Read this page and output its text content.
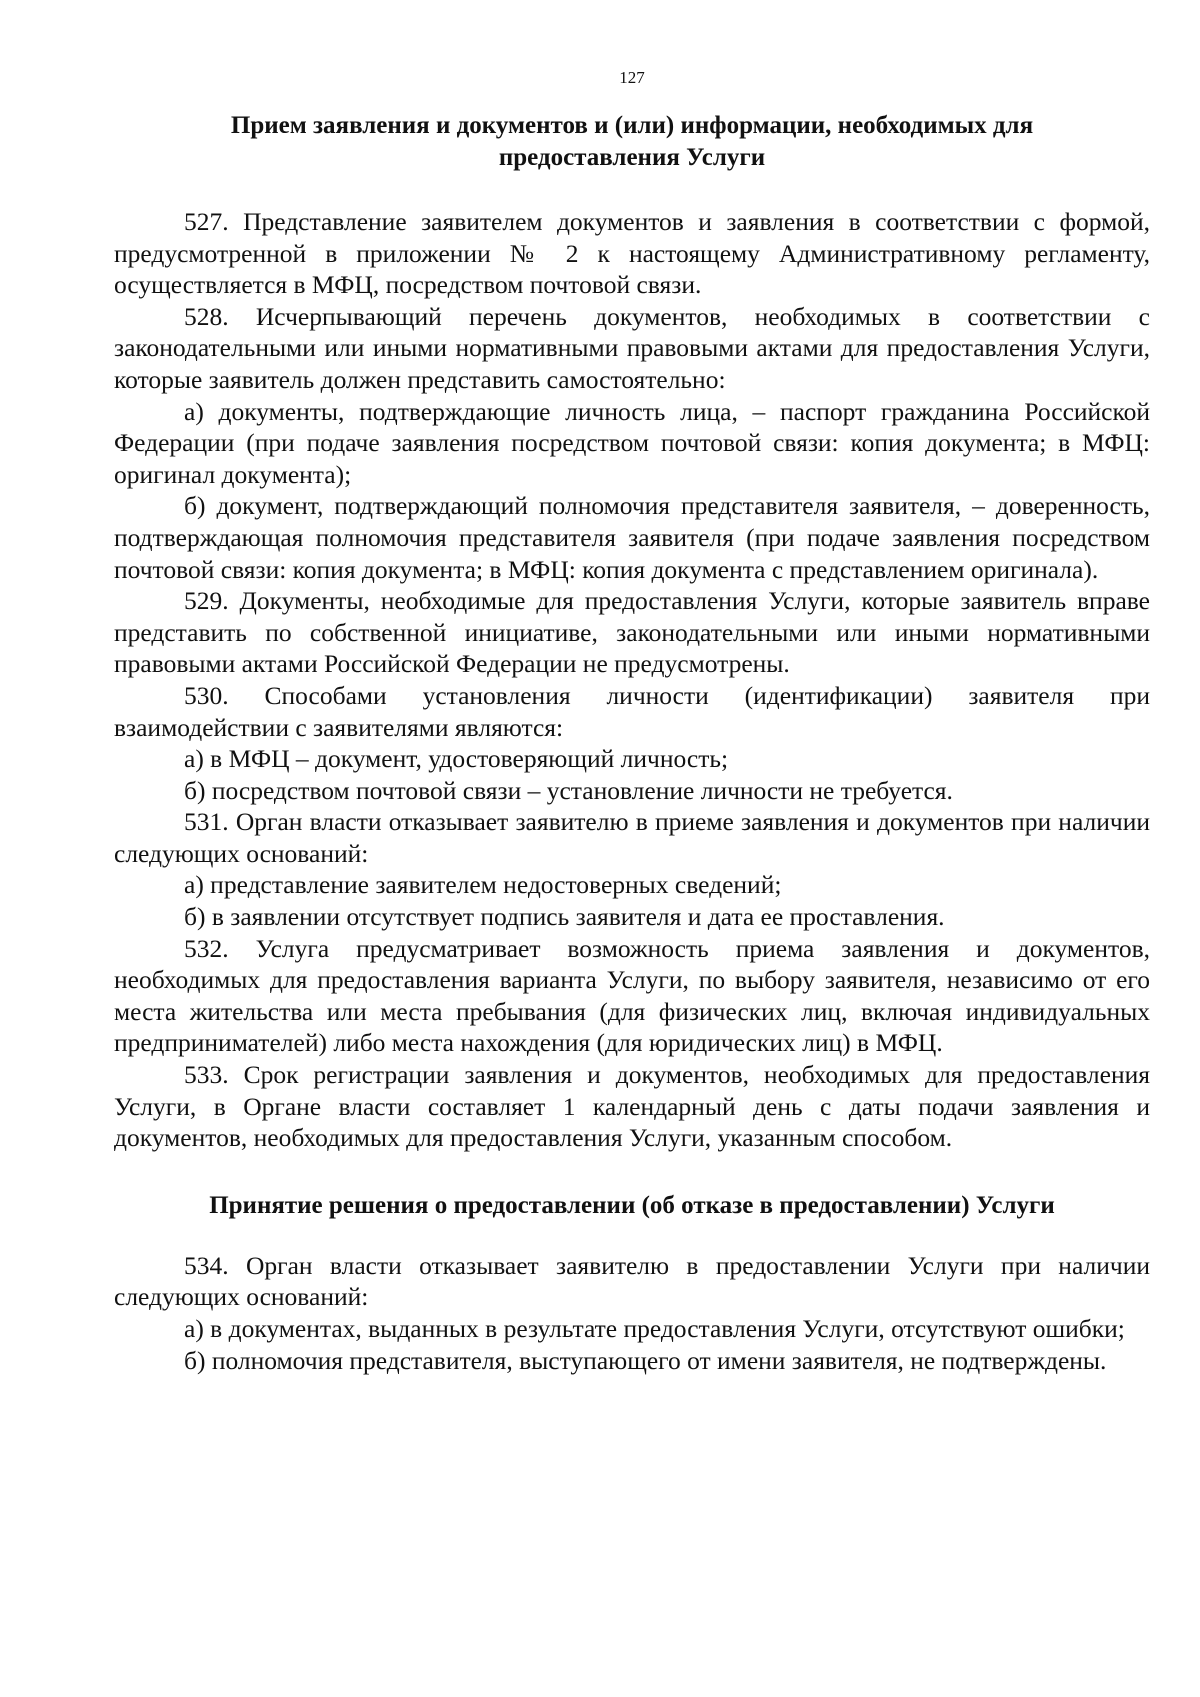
127
Прием заявления и документов и (или) информации, необходимых для
предоставления Услуги

527. Представление заявителем документов и заявления в соответствии с формой, предусмотренной в приложении № 2 к настоящему Административному регламенту, осуществляется в МФЦ, посредством почтовой связи.

528. Исчерпывающий перечень документов, необходимых в соответствии с законодательными или иными нормативными правовыми актами для предоставления Услуги, которые заявитель должен представить самостоятельно:

а) документы, подтверждающие личность лица, – паспорт гражданина Российской Федерации (при подаче заявления посредством почтовой связи: копия документа; в МФЦ: оригинал документа);

б) документ, подтверждающий полномочия представителя заявителя, – доверенность, подтверждающая полномочия представителя заявителя (при подаче заявления посредством почтовой связи: копия документа; в МФЦ: копия документа с представлением оригинала).

529. Документы, необходимые для предоставления Услуги, которые заявитель вправе представить по собственной инициативе, законодательными или иными нормативными правовыми актами Российской Федерации не предусмотрены.

530. Способами установления личности (идентификации) заявителя при взаимодействии с заявителями являются:

а) в МФЦ – документ, удостоверяющий личность;

б) посредством почтовой связи – установление личности не требуется.

531. Орган власти отказывает заявителю в приеме заявления и документов при наличии следующих оснований:

а) представление заявителем недостоверных сведений;

б) в заявлении отсутствует подпись заявителя и дата ее проставления.

532. Услуга предусматривает возможность приема заявления и документов, необходимых для предоставления варианта Услуги, по выбору заявителя, независимо от его места жительства или места пребывания (для физических лиц, включая индивидуальных предпринимателей) либо места нахождения (для юридических лиц) в МФЦ.

533. Срок регистрации заявления и документов, необходимых для предоставления Услуги, в Органе власти составляет 1 календарный день с даты подачи заявления и документов, необходимых для предоставления Услуги, указанным способом.

Принятие решения о предоставлении (об отказе в предоставлении) Услуги

534. Орган власти отказывает заявителю в предоставлении Услуги при наличии следующих оснований:

а) в документах, выданных в результате предоставления Услуги, отсутствуют ошибки;

б) полномочия представителя, выступающего от имени заявителя, не подтверждены.
